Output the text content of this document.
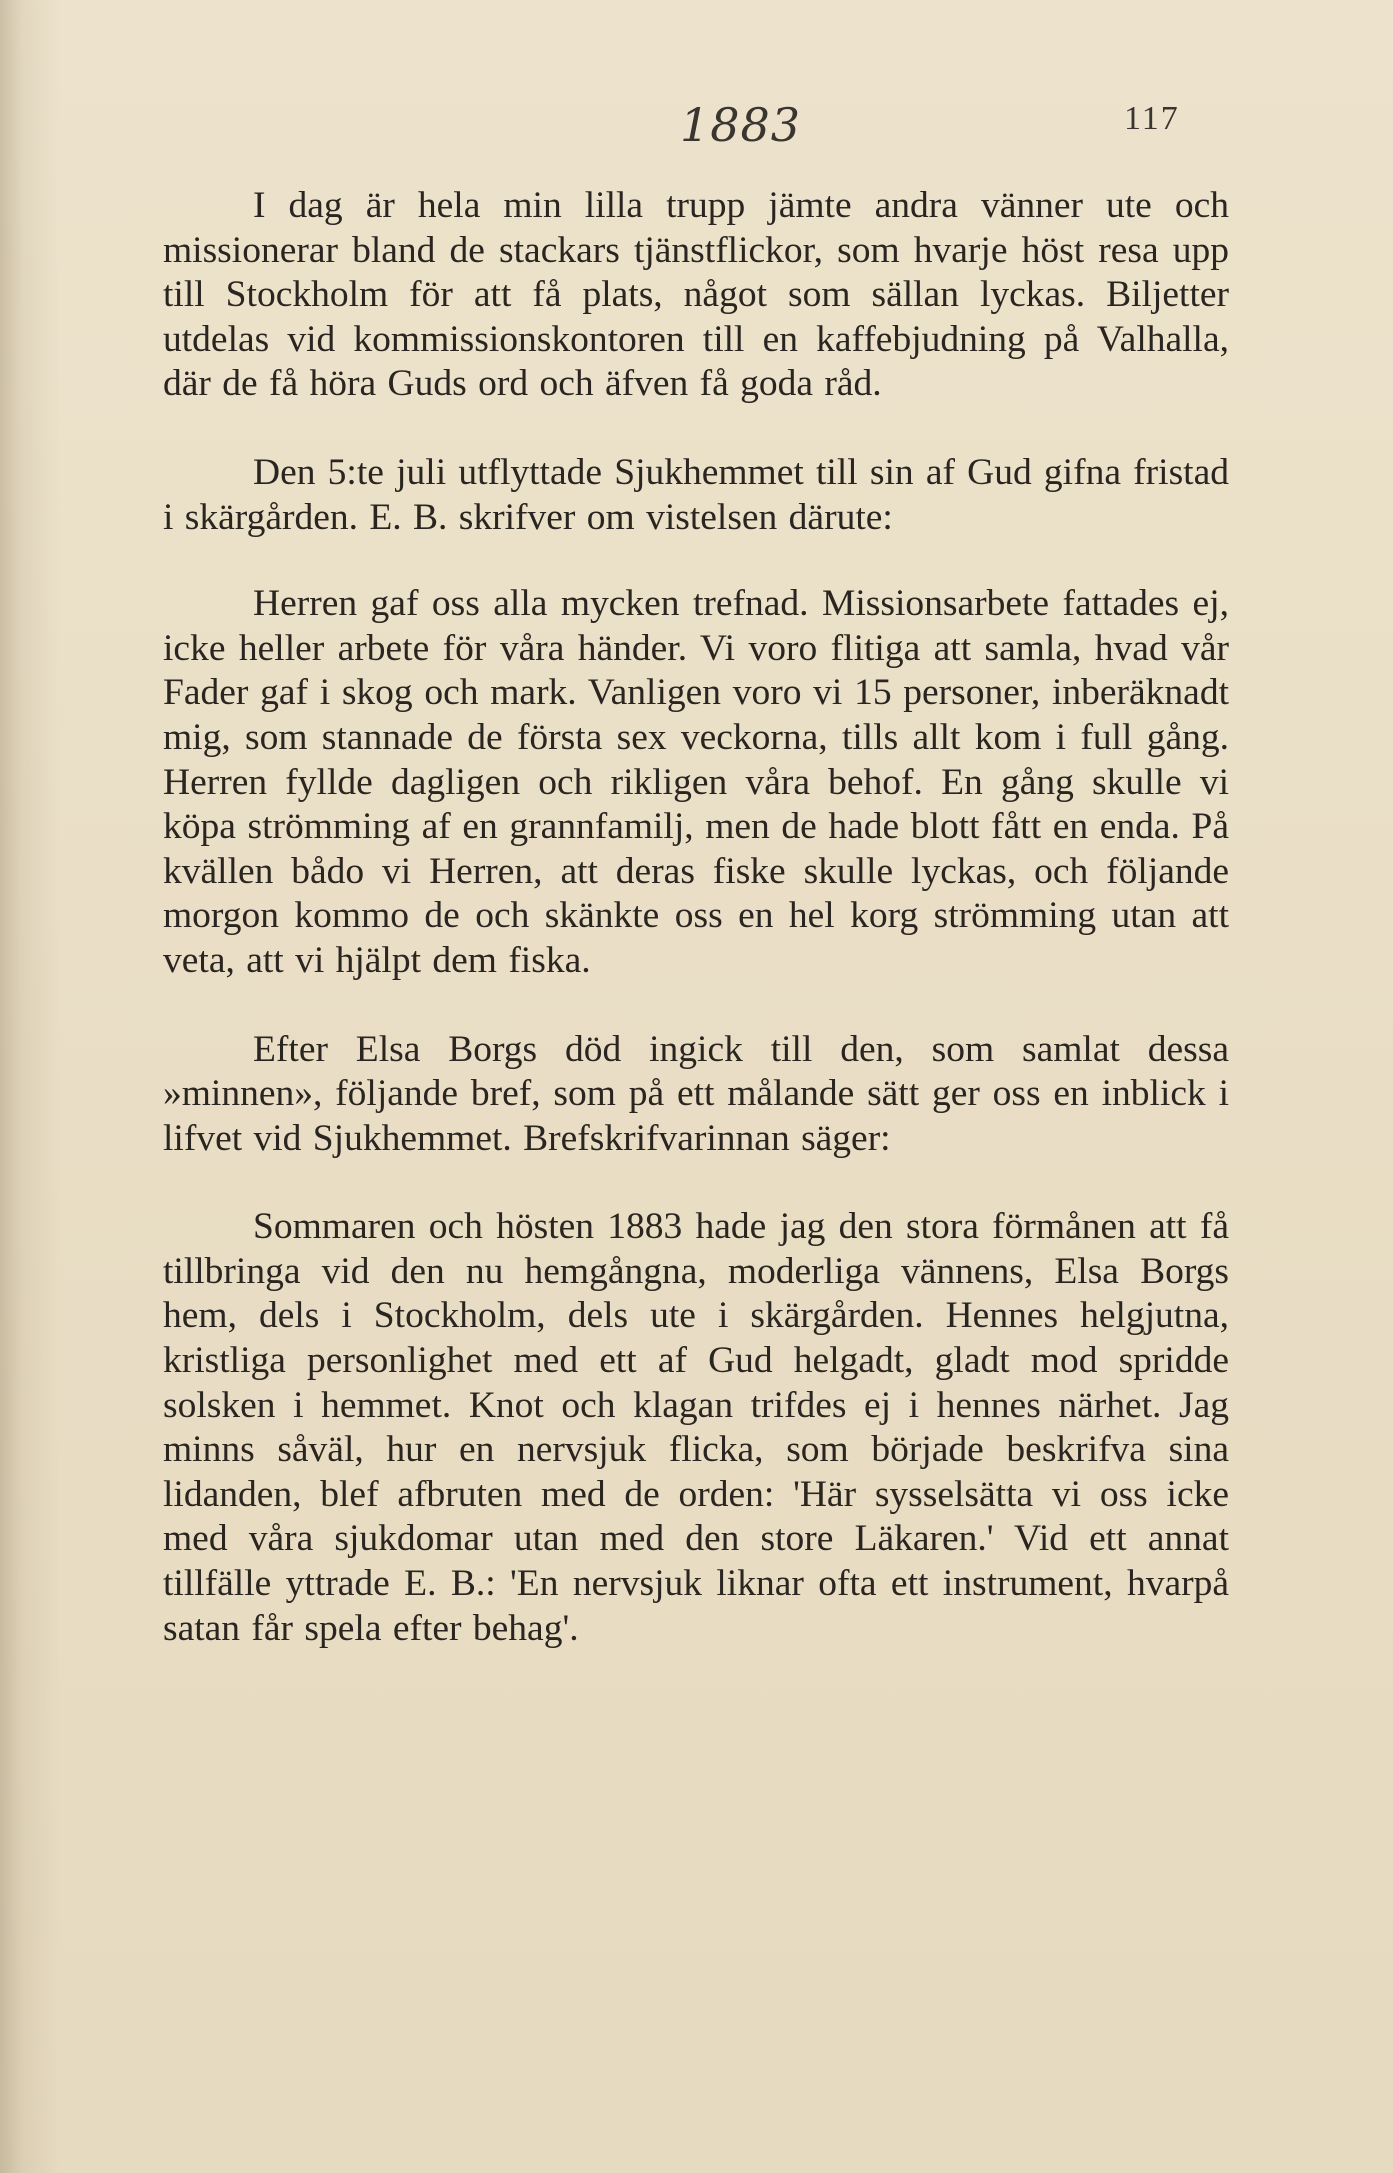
1883	117

I dag är hela min lilla trupp jämte andra vänner ute och missionerar bland de stackars tjänstflickor, som hvarje höst resa upp till Stockholm för att få plats, något som sällan lyckas. Biljetter utdelas vid kommissionskontoren till en kaffebjudning på Valhalla, där de få höra Guds ord och äfven få goda råd.

Den 5:te juli utflyttade Sjukhemmet till sin af Gud gifna fristad i skärgården. E. B. skrifver om vistelsen därute:

Herren gaf oss alla mycken trefnad. Missionsarbete fattades ej, icke heller arbete för våra händer. Vi voro flitiga att samla, hvad vår Fader gaf i skog och mark. Vanligen voro vi 15 personer, inberäknadt mig, som stannade de första sex veckorna, tills allt kom i full gång. Herren fyllde dagligen och rikligen våra behof. En gång skulle vi köpa strömming af en grannfamilj, men de hade blott fått en enda. På kvällen bådo vi Herren, att deras fiske skulle lyckas, och följande morgon kommo de och skänkte oss en hel korg strömming utan att veta, att vi hjälpt dem fiska.

Efter Elsa Borgs död ingick till den, som samlat dessa »minnen», följande bref, som på ett målande sätt ger oss en inblick i lifvet vid Sjukhemmet. Brefskrifvarinnan säger:

Sommaren och hösten 1883 hade jag den stora förmånen att få tillbringa vid den nu hemgångna, moderliga vännens, Elsa Borgs hem, dels i Stockholm, dels ute i skärgården. Hennes helgjutna, kristliga personlighet med ett af Gud helgadt, gladt mod spridde solsken i hemmet. Knot och klagan trifdes ej i hennes närhet. Jag minns såväl, hur en nervsjuk flicka, som började beskrifva sina lidanden, blef afbruten med de orden: 'Här sysselsätta vi oss icke med våra sjukdomar utan med den store Läkaren.' Vid ett annat tillfälle yttrade E. B.: 'En nervsjuk liknar ofta ett instrument, hvarpå satan får spela efter behag'.
